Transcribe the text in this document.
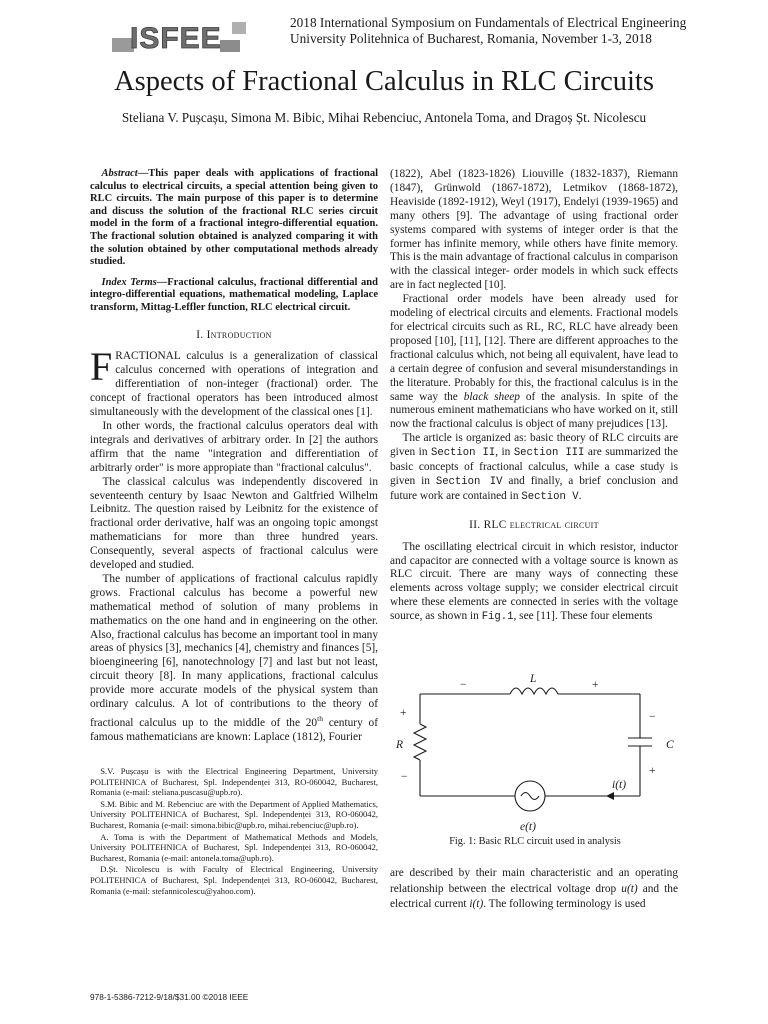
ISFEE	2018 International Symposium on Fundamentals of Electrical Engineering
University Politehnica of Bucharest, Romania, November 1-3, 2018
Aspects of Fractional Calculus in RLC Circuits
Steliana V. Pușcașu, Simona M. Bibic, Mihai Rebenciuc, Antonela Toma, and Dragoș Șt. Nicolescu

Abstract—This paper deals with applications of fractional calculus to electrical circuits, a special attention being given to RLC circuits. The main purpose of this paper is to determine and discuss the solution of the fractional RLC series circuit model in the form of a fractional integro-differential equation. The fractional solution obtained is analyzed comparing it with the solution obtained by other computational methods already studied.

Index Terms—Fractional calculus, fractional differential and integro-differential equations, mathematical modeling, Laplace transform, Mittag-Leffler function, RLC electrical circuit.

I. Introduction

FRACTIONAL calculus is a generalization of classical calculus concerned with operations of integration and differentiation of non-integer (fractional) order. The concept of fractional operators has been introduced almost simultaneously with the development of the classical ones [1].

In other words, the fractional calculus operators deal with integrals and derivatives of arbitrary order. In [2] the authors affirm that the name "integration and differentiation of arbitrarly order" is more appropiate than "fractional calculus".

The classical calculus was independently discovered in seventeenth century by Isaac Newton and Galtfried Wilhelm Leibnitz. The question raised by Leibnitz for the existence of fractional order derivative, half was an ongoing topic amongst mathematicians for more than three hundred years. Consequently, several aspects of fractional calculus were developed and studied.

The number of applications of fractional calculus rapidly grows. Fractional calculus has become a powerful new mathematical method of solution of many problems in mathematics on the one hand and in engineering on the other. Also, fractional calculus has become an important tool in many areas of physics [3], mechanics [4], chemistry and finances [5], bioengineering [6], nanotechnology [7] and last but not least, circuit theory [8]. In many applications, fractional calculus provide more accurate models of the physical system than ordinary calculus. A lot of contributions to the theory of fractional calculus up to the middle of the 20th century of famous mathematicians are known: Laplace (1812), Fourier

S.V. Pușcașu is with the Electrical Engineering Department, University POLITEHNICA of Bucharest, Spl. Independenței 313, RO-060042, Bucharest, Romania (e-mail: steliana.puscasu@upb.ro).

S.M. Bibic and M. Rebenciuc are with the Department of Applied Mathematics, University POLITEHNICA of Bucharest, Spl. Independenței 313, RO-060042, Bucharest, Romania (e-mail: simona.bibic@upb.ro, mihai.rebenciuc@upb.ro).

A. Toma is with the Department of Mathematical Methods and Models, University POLITEHNICA of Bucharest, Spl. Independenței 313, RO-060042, Bucharest, Romania (e-mail: antonela.toma@upb.ro).

D.Șt. Nicolescu is with Faculty of Electrical Engineering, University POLITEHNICA of Bucharest, Spl. Independenței 313, RO-060042, Bucharest, Romania (e-mail: stefannicolescu@yahoo.com).

(1822), Abel (1823-1826) Liouville (1832-1837), Riemann (1847), Grünwold (1867-1872), Letmikov (1868-1872), Heaviside (1892-1912), Weyl (1917), Endelyi (1939-1965) and many others [9]. The advantage of using fractional order systems compared with systems of integer order is that the former has infinite memory, while others have finite memory. This is the main advantage of fractional calculus in comparison with the classical integer- order models in which suck effects are in fact neglected [10].

Fractional order models have been already used for modeling of electrical circuits and elements. Fractional models for electrical circuits such as RL, RC, RLC have already been proposed [10], [11], [12]. There are different approaches to the fractional calculus which, not being all equivalent, have lead to a certain degree of confusion and several misunderstandings in the literature. Probably for this, the fractional calculus is in the same way the black sheep of the analysis. In spite of the numerous eminent mathematicians who have worked on it, still now the fractional calculus is object of many prejudices [13].

The article is organized as: basic theory of RLC circuits are given in Section II, in Section III are summarized the basic concepts of fractional calculus, while a case study is given in Section IV and finally, a brief conclusion and future work are contained in Section V.

II. RLC electrical circuit

The oscillating electrical circuit in which resistor, inductor and capacitor are connected with a voltage source is known as RLC circuit. There are many ways of connecting these elements across voltage supply; we consider electrical circuit where these elements are connected in series with the voltage source, as shown in Fig.1, see [11]. These four elements

L
−	+
C
−
+
R
+
−
i(t)
e(t)
Fig. 1: Basic RLC circuit used in analysis

are described by their main characteristic and an operating relationship between the electrical voltage drop u(t) and the electrical current i(t). The following terminology is used

978-1-5386-7212-9/18/$31.00 ©2018 IEEE
